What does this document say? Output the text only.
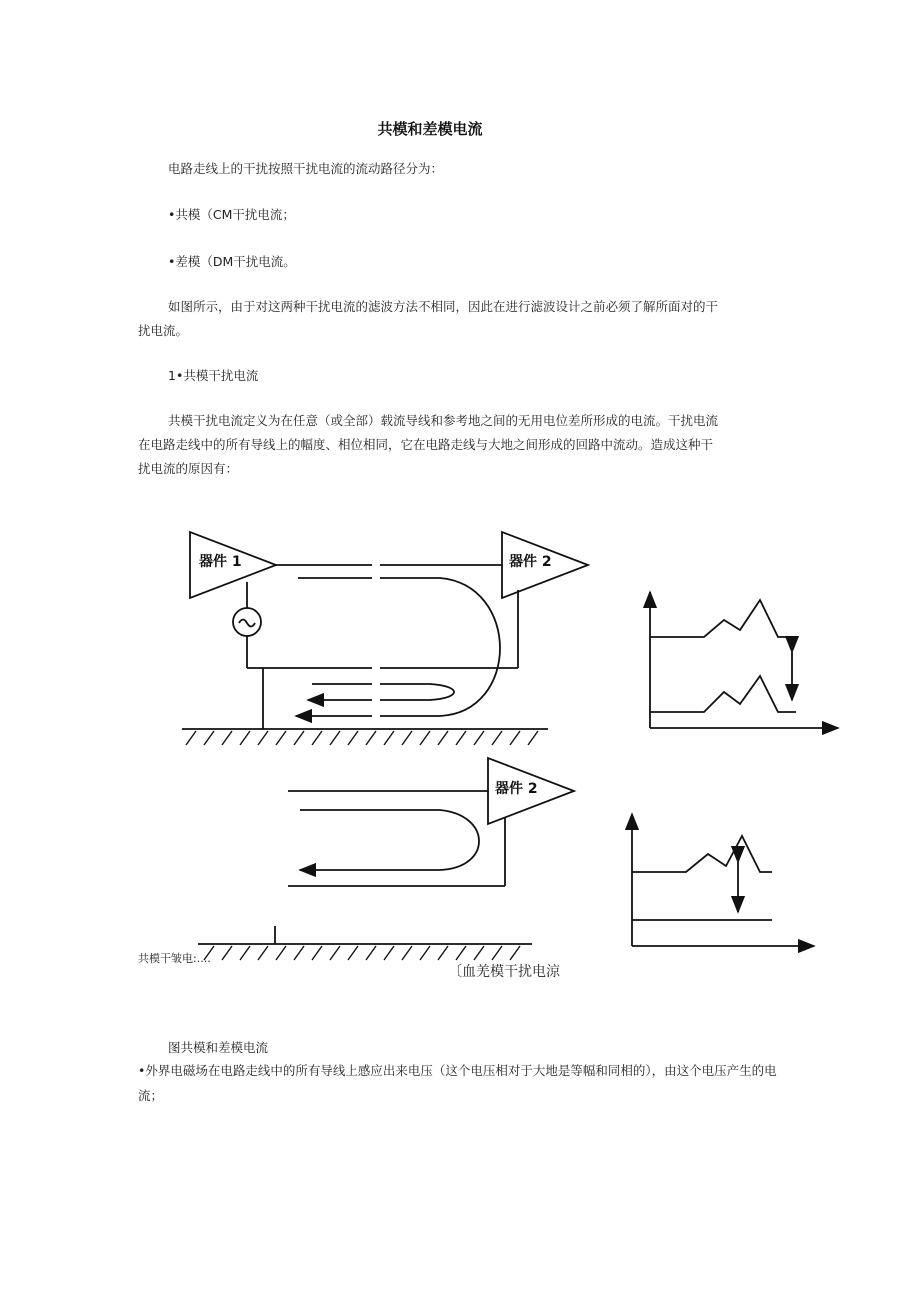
共模和差模电流
电路走线上的干扰按照干扰电流的流动路径分为：
•共模（CM干扰电流；
•差模（DM干扰电流。
如图所示，由于对这两种干扰电流的滤波方法不相同，因此在进行滤波设计之前必须了解所面对的干
扰电流。
1•共模干扰电流
共模干扰电流定义为在任意（或全部）载流导线和参考地之间的无用电位差所形成的电流。干扰电流
在电路走线中的所有导线上的幅度、相位相同，它在电路走线与大地之间形成的回路中流动。造成这种干
扰电流的原因有：
器件 1	器件 2
器件 2
共模干皱电:....
〔血羌模干扰电涼
图共模和差模电流
•外界电磁场在电路走线中的所有导线上感应出来电压（这个电压相对于大地是等幅和同相的），由这个电压产生的电
流；
